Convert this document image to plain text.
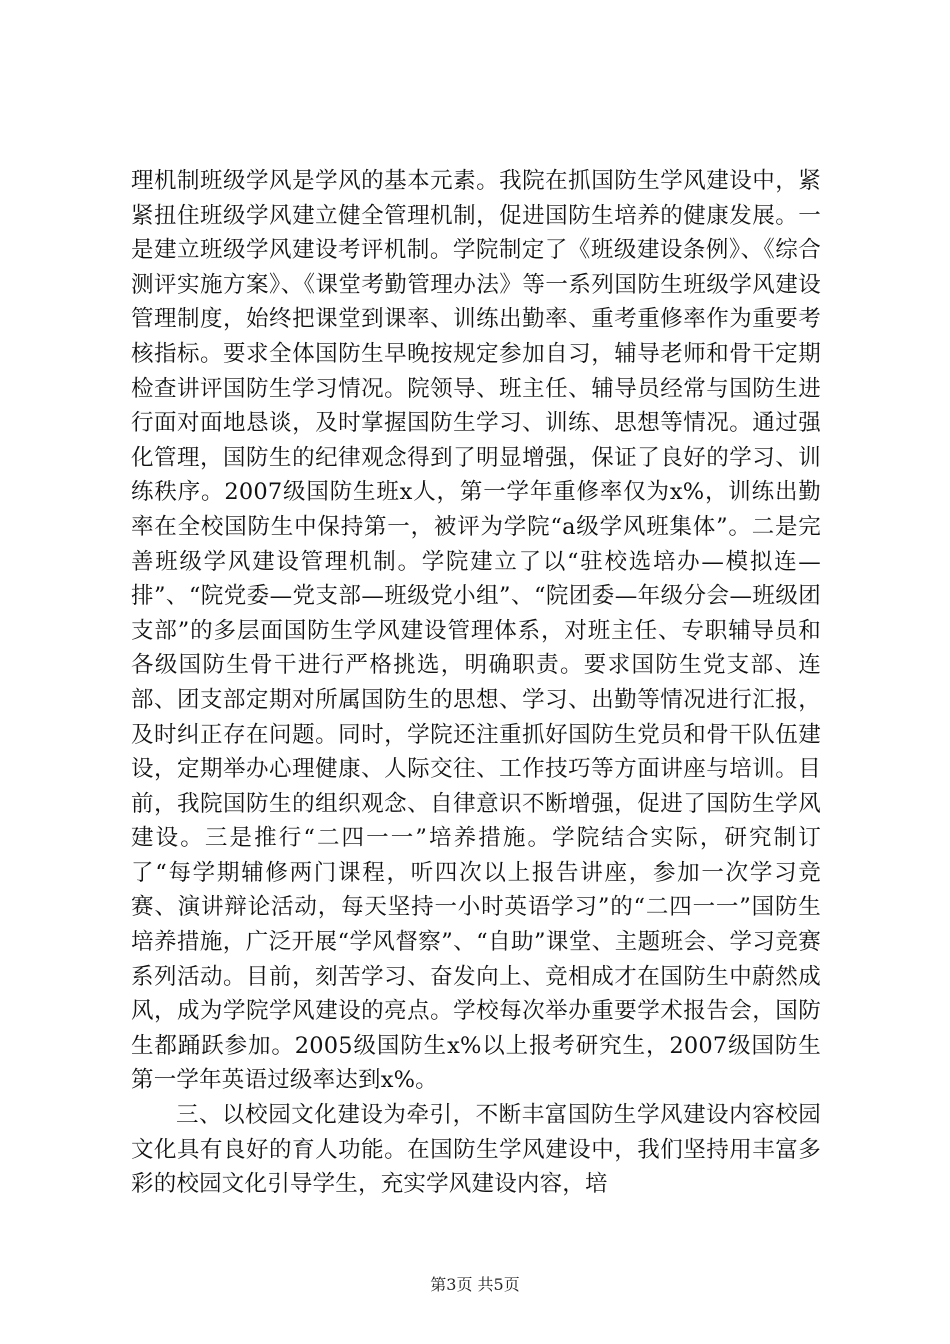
理机制班级学风是学风的基本元素。我院在抓国防生学风建设中，紧紧扭住班级学风建立健全管理机制，促进国防生培养的健康发展。一是建立班级学风建设考评机制。学院制定了《班级建设条例》、《综合测评实施方案》、《课堂考勤管理办法》等一系列国防生班级学风建设管理制度，始终把课堂到课率、训练出勤率、重考重修率作为重要考核指标。要求全体国防生早晚按规定参加自习，辅导老师和骨干定期检查讲评国防生学习情况。院领导、班主任、辅导员经常与国防生进行面对面地恳谈，及时掌握国防生学习、训练、思想等情况。通过强化管理，国防生的纪律观念得到了明显增强，保证了良好的学习、训练秩序。2007级国防生班x人，第一学年重修率仅为x%，训练出勤率在全校国防生中保持第一，被评为学院“a级学风班集体”。二是完善班级学风建设管理机制。学院建立了以“驻校选培办—模拟连—排”、“院党委—党支部—班级党小组”、“院团委—年级分会—班级团支部”的多层面国防生学风建设管理体系，对班主任、专职辅导员和各级国防生骨干进行严格挑选，明确职责。要求国防生党支部、连部、团支部定期对所属国防生的思想、学习、出勤等情况进行汇报，及时纠正存在问题。同时，学院还注重抓好国防生党员和骨干队伍建设，定期举办心理健康、人际交往、工作技巧等方面讲座与培训。目前，我院国防生的组织观念、自律意识不断增强，促进了国防生学风建设。三是推行“二四一一”培养措施。学院结合实际，研究制订了“每学期辅修两门课程，听四次以上报告讲座，参加一次学习竞赛、演讲辩论活动，每天坚持一小时英语学习”的“二四一一”国防生培养措施，广泛开展“学风督察”、“自助”课堂、主题班会、学习竞赛系列活动。目前，刻苦学习、奋发向上、竞相成才在国防生中蔚然成风，成为学院学风建设的亮点。学校每次举办重要学术报告会，国防生都踊跃参加。2005级国防生x%以上报考研究生，2007级国防生第一学年英语过级率达到x%。

三、以校园文化建设为牵引，不断丰富国防生学风建设内容校园文化具有良好的育人功能。在国防生学风建设中，我们坚持用丰富多彩的校园文化引导学生，充实学风建设内容，培

第3页 共5页
